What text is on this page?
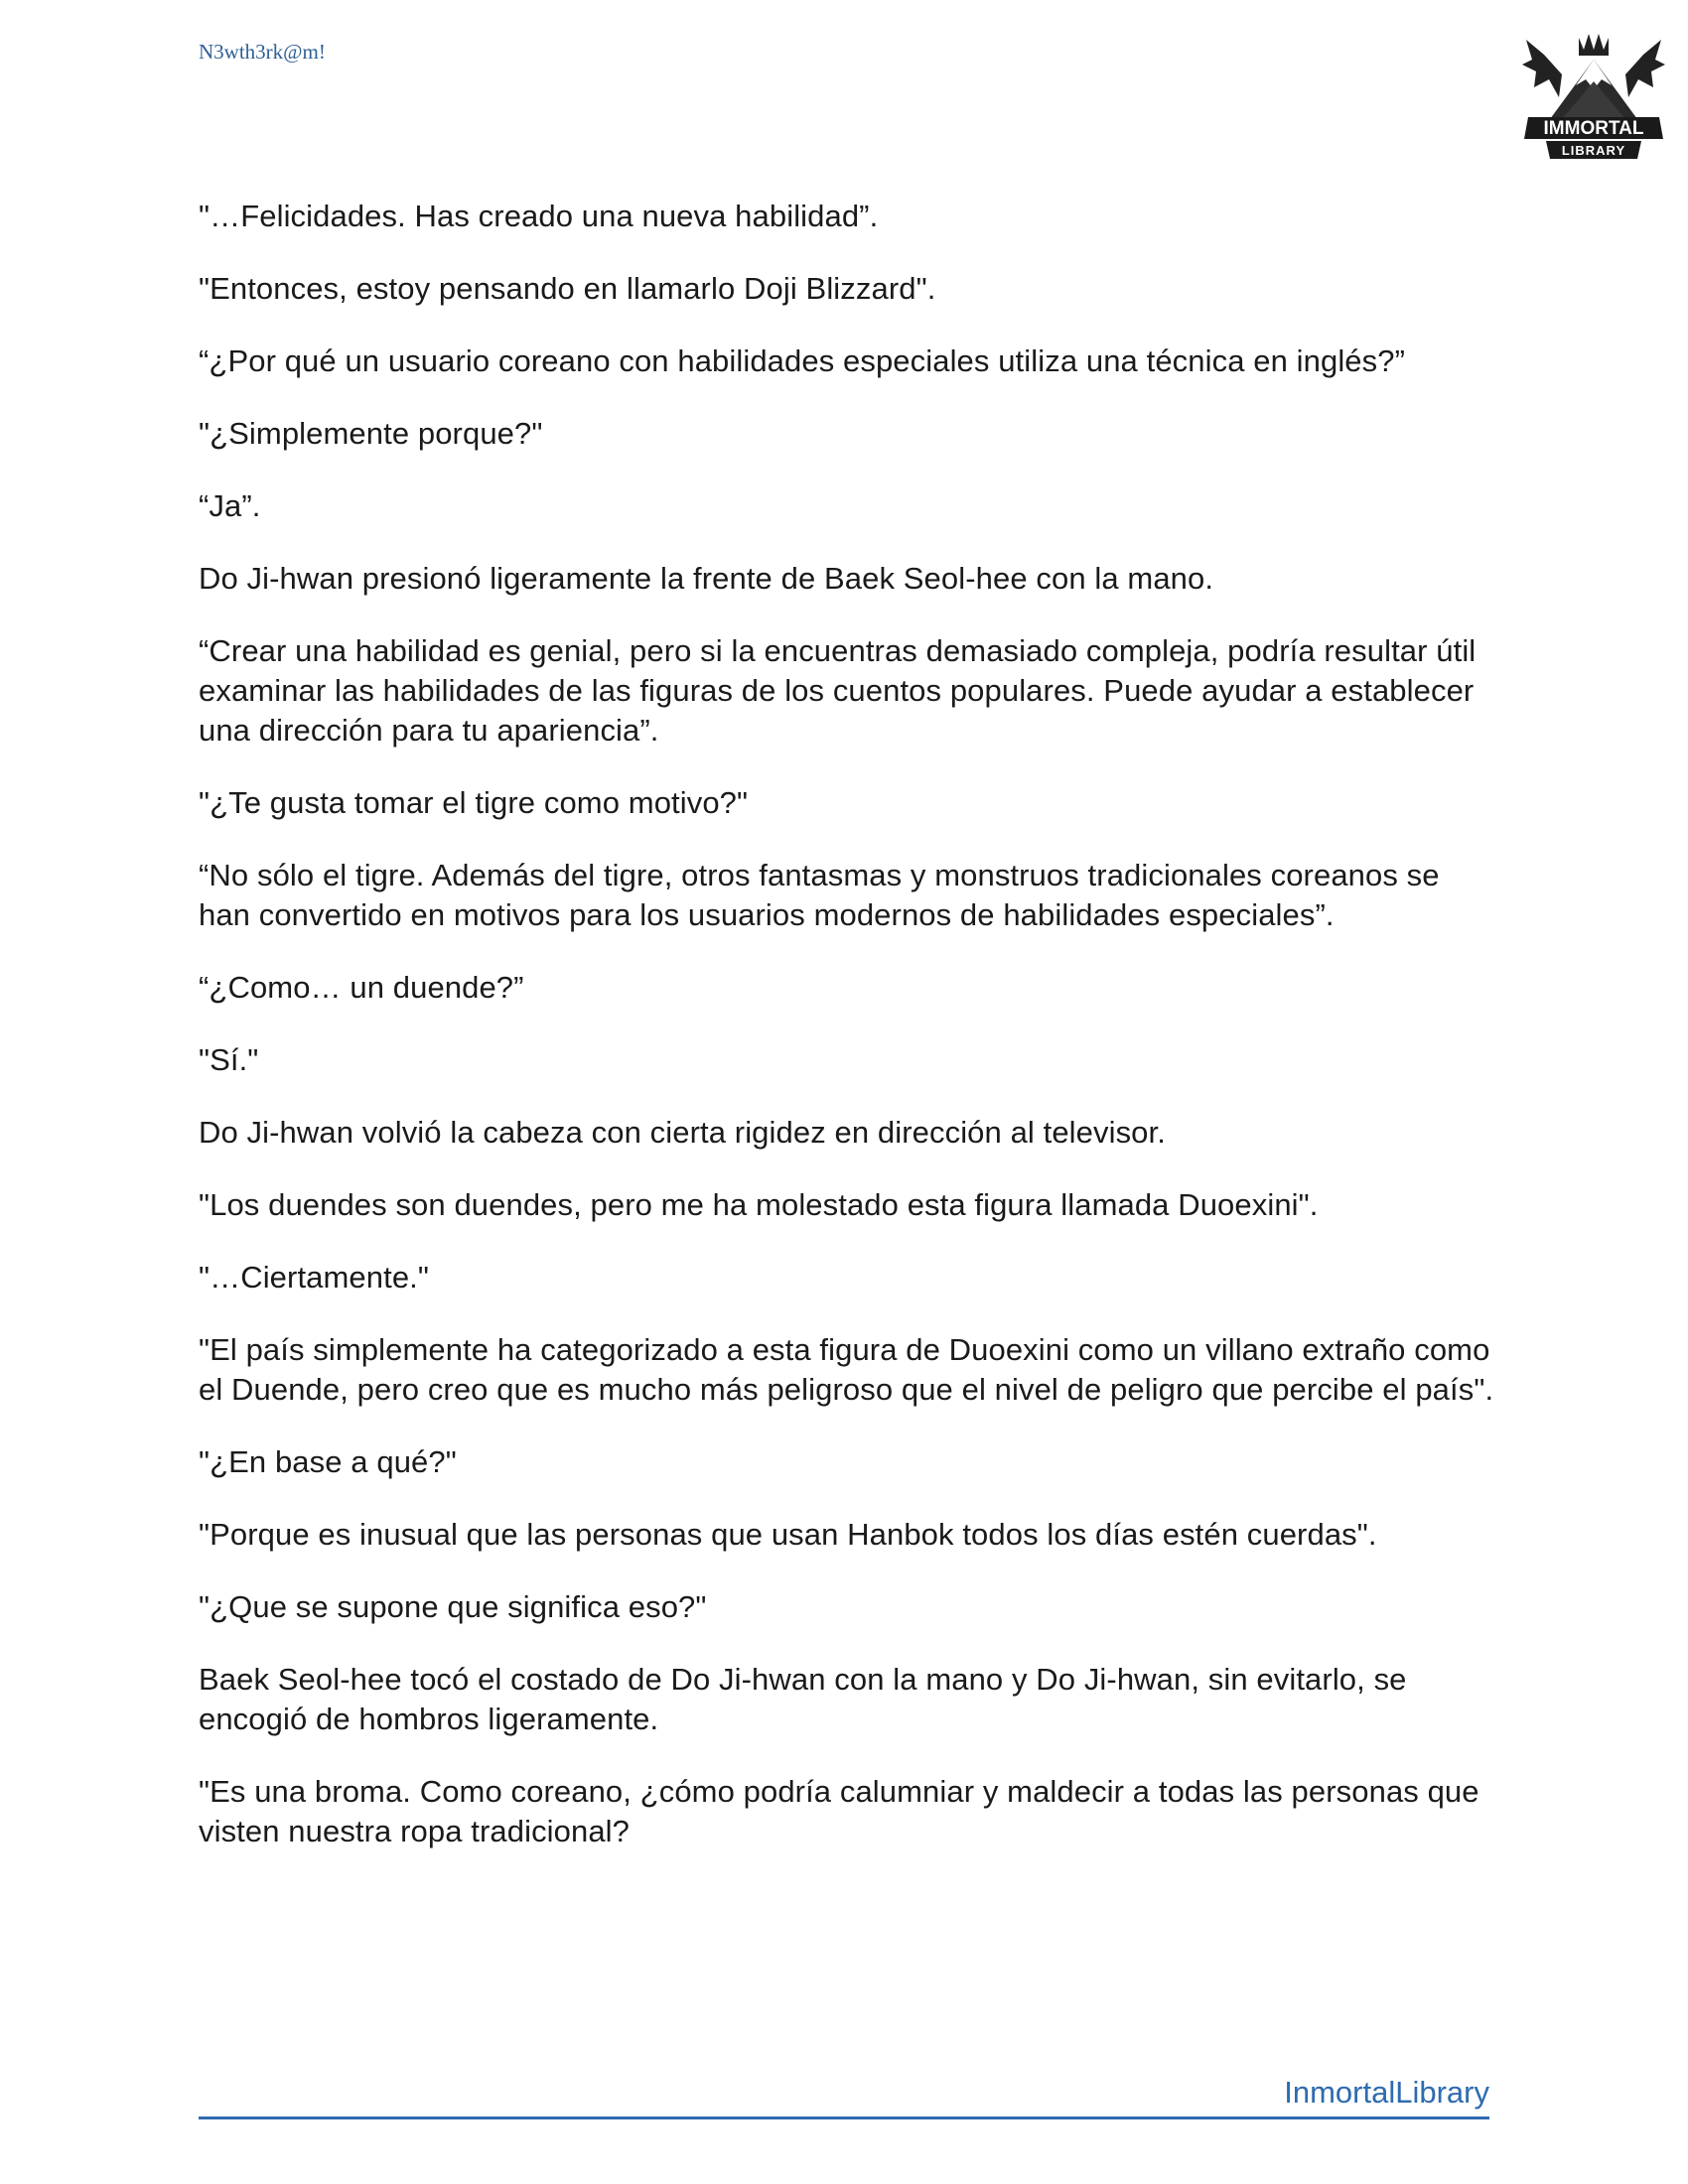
N3wth3rk@m!
IMMORTAL
LIBRARY

"…Felicidades. Has creado una nueva habilidad”.

"Entonces, estoy pensando en llamarlo Doji Blizzard".

“¿Por qué un usuario coreano con habilidades especiales utiliza una técnica en inglés?”

"¿Simplemente porque?"

“Ja”.

Do Ji-hwan presionó ligeramente la frente de Baek Seol-hee con la mano.

“Crear una habilidad es genial, pero si la encuentras demasiado compleja, podría resultar útil examinar las habilidades de las figuras de los cuentos populares. Puede ayudar a establecer una dirección para tu apariencia”.

"¿Te gusta tomar el tigre como motivo?"

“No sólo el tigre. Además del tigre, otros fantasmas y monstruos tradicionales coreanos se han convertido en motivos para los usuarios modernos de habilidades especiales”.

“¿Como… un duende?”

"Sí."

Do Ji-hwan volvió la cabeza con cierta rigidez en dirección al televisor.

"Los duendes son duendes, pero me ha molestado esta figura llamada Duoexini".

"…Ciertamente."

"El país simplemente ha categorizado a esta figura de Duoexini como un villano extraño como el Duende, pero creo que es mucho más peligroso que el nivel de peligro que percibe el país".

"¿En base a qué?"

"Porque es inusual que las personas que usan Hanbok todos los días estén cuerdas".

"¿Que se supone que significa eso?"

Baek Seol-hee tocó el costado de Do Ji-hwan con la mano y Do Ji-hwan, sin evitarlo, se encogió de hombros ligeramente.

"Es una broma. Como coreano, ¿cómo podría calumniar y maldecir a todas las personas que visten nuestra ropa tradicional?

InmortalLibrary
